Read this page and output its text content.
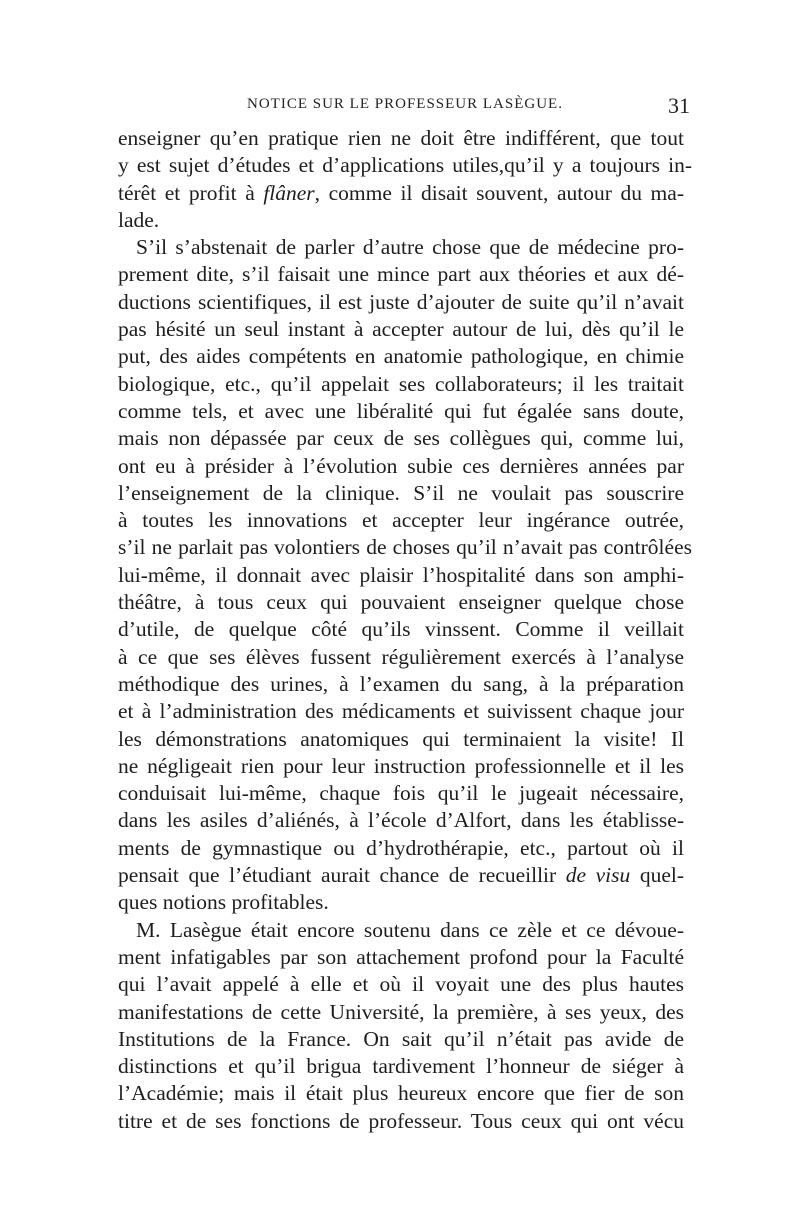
NOTICE SUR LE PROFESSEUR LASÈGUE.	31
enseigner qu’en pratique rien ne doit être indifférent, que tout
y est sujet d’études et d’applications utiles,qu’il y a toujours in-
térêt et profit à flâner, comme il disait souvent, autour du ma-
lade.
S’il s’abstenait de parler d’autre chose que de médecine pro-
prement dite, s’il faisait une mince part aux théories et aux dé-
ductions scientifiques, il est juste d’ajouter de suite qu’il n’avait
pas hésité un seul instant à accepter autour de lui, dès qu’il le
put, des aides compétents en anatomie pathologique, en chimie
biologique, etc., qu’il appelait ses collaborateurs; il les traitait
comme tels, et avec une libéralité qui fut égalée sans doute,
mais non dépassée par ceux de ses collègues qui, comme lui,
ont eu à présider à l’évolution subie ces dernières années par
l’enseignement de la clinique. S’il ne voulait pas souscrire
à toutes les innovations et accepter leur ingérance outrée,
s’il ne parlait pas volontiers de choses qu’il n’avait pas contrôlées
lui-même, il donnait avec plaisir l’hospitalité dans son amphi-
théâtre, à tous ceux qui pouvaient enseigner quelque chose
d’utile, de quelque côté qu’ils vinssent. Comme il veillait
à ce que ses élèves fussent régulièrement exercés à l’analyse
méthodique des urines, à l’examen du sang, à la préparation
et à l’administration des médicaments et suivissent chaque jour
les démonstrations anatomiques qui terminaient la visite! Il
ne négligeait rien pour leur instruction professionnelle et il les
conduisait lui-même, chaque fois qu’il le jugeait nécessaire,
dans les asiles d’aliénés, à l’école d’Alfort, dans les établisse-
ments de gymnastique ou d’hydrothérapie, etc., partout où il
pensait que l’étudiant aurait chance de recueillir de visu quel-
ques notions profitables.
M. Lasègue était encore soutenu dans ce zèle et ce dévoue-
ment infatigables par son attachement profond pour la Faculté
qui l’avait appelé à elle et où il voyait une des plus hautes
manifestations de cette Université, la première, à ses yeux, des
Institutions de la France. On sait qu’il n’était pas avide de
distinctions et qu’il brigua tardivement l’honneur de siéger à
l’Académie; mais il était plus heureux encore que fier de son
titre et de ses fonctions de professeur. Tous ceux qui ont vécu
